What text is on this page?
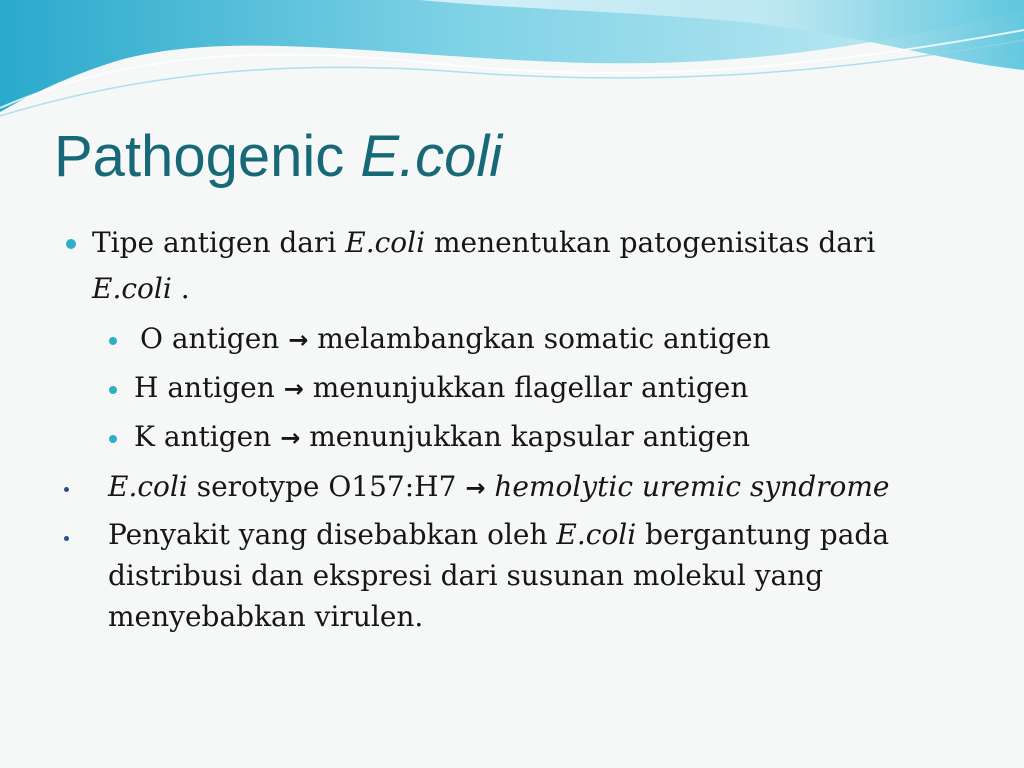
Pathogenic E.coli
Tipe antigen dari E.coli menentukan patogenisitas dari
E.coli .
O antigen → melambangkan somatic antigen
H antigen → menunjukkan flagellar antigen
K antigen → menunjukkan kapsular antigen
E.coli serotype O157:H7 → hemolytic uremic syndrome
Penyakit yang disebabkan oleh E.coli bergantung pada
distribusi dan ekspresi dari susunan molekul yang
menyebabkan virulen.
